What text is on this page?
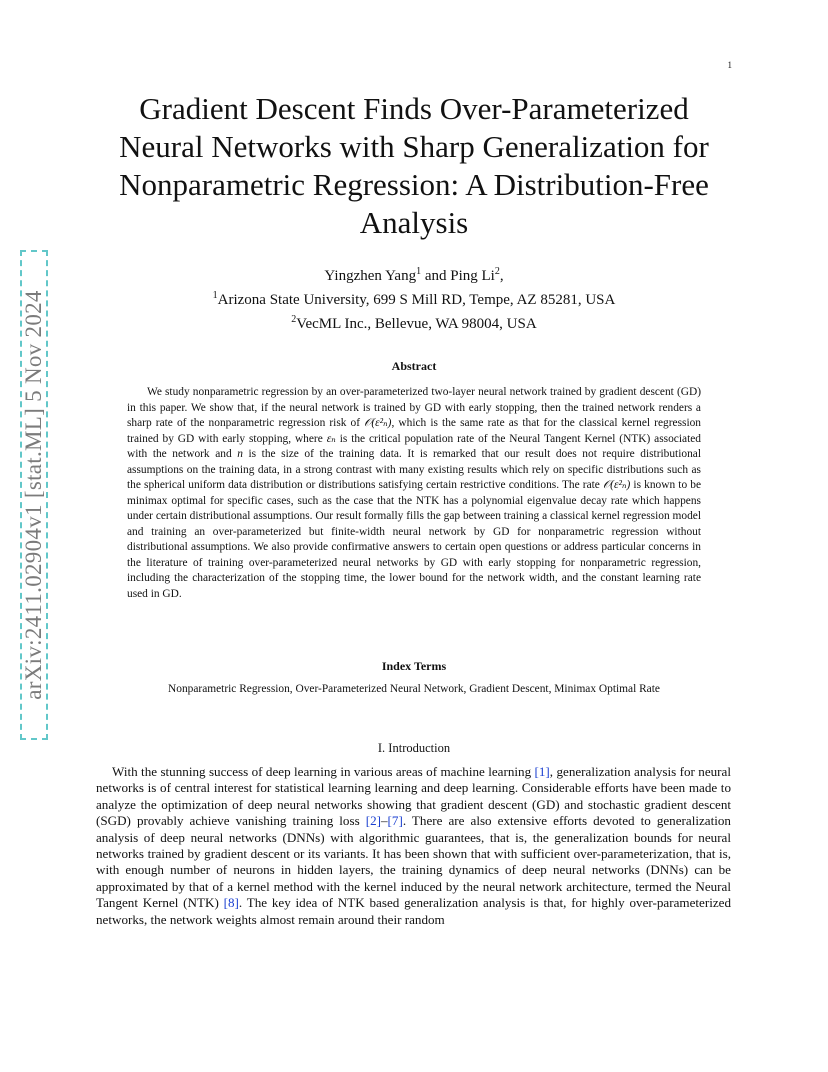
1
arXiv:2411.02904v1 [stat.ML] 5 Nov 2024
Gradient Descent Finds Over-Parameterized
Neural Networks with Sharp Generalization for
Nonparametric Regression: A Distribution-Free
Analysis
Yingzhen Yang$^1$ and Ping Li$^2$,
$^1$Arizona State University, 699 S Mill RD, Tempe, AZ 85281, USA
$^2$VecML Inc., Bellevue, WA 98004, USA
Abstract
We study nonparametric regression by an over-parameterized two-layer neural network trained by gradient descent (GD) in this paper. We show that, if the neural network is trained by GD with early stopping, then the trained network renders a sharp rate of the nonparametric regression risk of 𝒪(ε²ₙ), which is the same rate as that for the classical kernel regression trained by GD with early stopping, where εₙ is the critical population rate of the Neural Tangent Kernel (NTK) associated with the network and n is the size of the training data. It is remarked that our result does not require distributional assumptions on the training data, in a strong contrast with many existing results which rely on specific distributions such as the spherical uniform data distribution or distributions satisfying certain restrictive conditions. The rate 𝒪(ε²ₙ) is known to be minimax optimal for specific cases, such as the case that the NTK has a polynomial eigenvalue decay rate which happens under certain distributional assumptions. Our result formally fills the gap between training a classical kernel regression model and training an over-parameterized but finite-width neural network by GD for nonparametric regression without distributional assumptions. We also provide confirmative answers to certain open questions or address particular concerns in the literature of training over-parameterized neural networks by GD with early stopping for nonparametric regression, including the characterization of the stopping time, the lower bound for the network width, and the constant learning rate used in GD.
Index Terms
Nonparametric Regression, Over-Parameterized Neural Network, Gradient Descent, Minimax Optimal Rate
I. Introduction
With the stunning success of deep learning in various areas of machine learning [1], generalization analysis for neural networks is of central interest for statistical learning learning and deep learning. Considerable efforts have been made to analyze the optimization of deep neural networks showing that gradient descent (GD) and stochastic gradient descent (SGD) provably achieve vanishing training loss [2]–[7]. There are also extensive efforts devoted to generalization analysis of deep neural networks (DNNs) with algorithmic guarantees, that is, the generalization bounds for neural networks trained by gradient descent or its variants. It has been shown that with sufficient over-parameterization, that is, with enough number of neurons in hidden layers, the training dynamics of deep neural networks (DNNs) can be approximated by that of a kernel method with the kernel induced by the neural network architecture, termed the Neural Tangent Kernel (NTK) [8]. The key idea of NTK based generalization analysis is that, for highly over-parameterized networks, the network weights almost remain around their random
